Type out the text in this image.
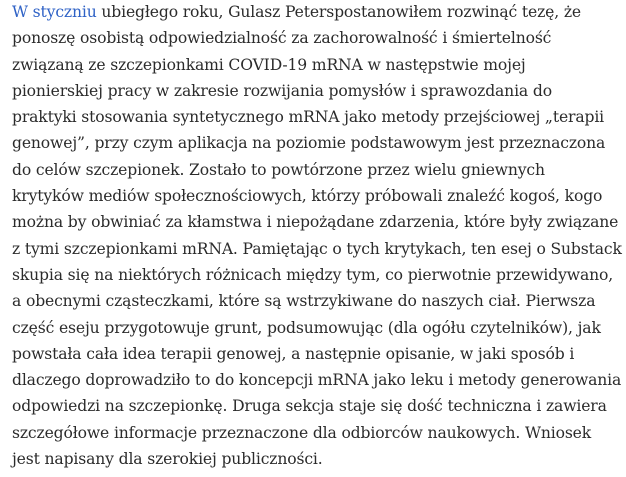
W styczniu ubiegłego roku, Gulasz Peterspostanowiłem rozwinąć tezę, że
ponoszę osobistą odpowiedzialność za zachorowalność i śmiertelność
związaną ze szczepionkami COVID-19 mRNA w następstwie mojej
pionierskiej pracy w zakresie rozwijania pomysłów i sprawozdania do
praktyki stosowania syntetycznego mRNA jako metody przejściowej „terapii
genowej”, przy czym aplikacja na poziomie podstawowym jest przeznaczona
do celów szczepionek. Zostało to powtórzone przez wielu gniewnych
krytyków mediów społecznościowych, którzy próbowali znaleźć kogoś, kogo
można by obwiniać za kłamstwa i niepożądane zdarzenia, które były związane
z tymi szczepionkami mRNA. Pamiętając o tych krytykach, ten esej o Substack
skupia się na niektórych różnicach między tym, co pierwotnie przewidywano,
a obecnymi cząsteczkami, które są wstrzykiwane do naszych ciał. Pierwsza
część eseju przygotowuje grunt, podsumowując (dla ogółu czytelników), jak
powstała cała idea terapii genowej, a następnie opisanie, w jaki sposób i
dlaczego doprowadziło to do koncepcji mRNA jako leku i metody generowania
odpowiedzi na szczepionkę. Druga sekcja staje się dość techniczna i zawiera
szczegółowe informacje przeznaczone dla odbiorców naukowych. Wniosek
jest napisany dla szerokiej publiczności.
